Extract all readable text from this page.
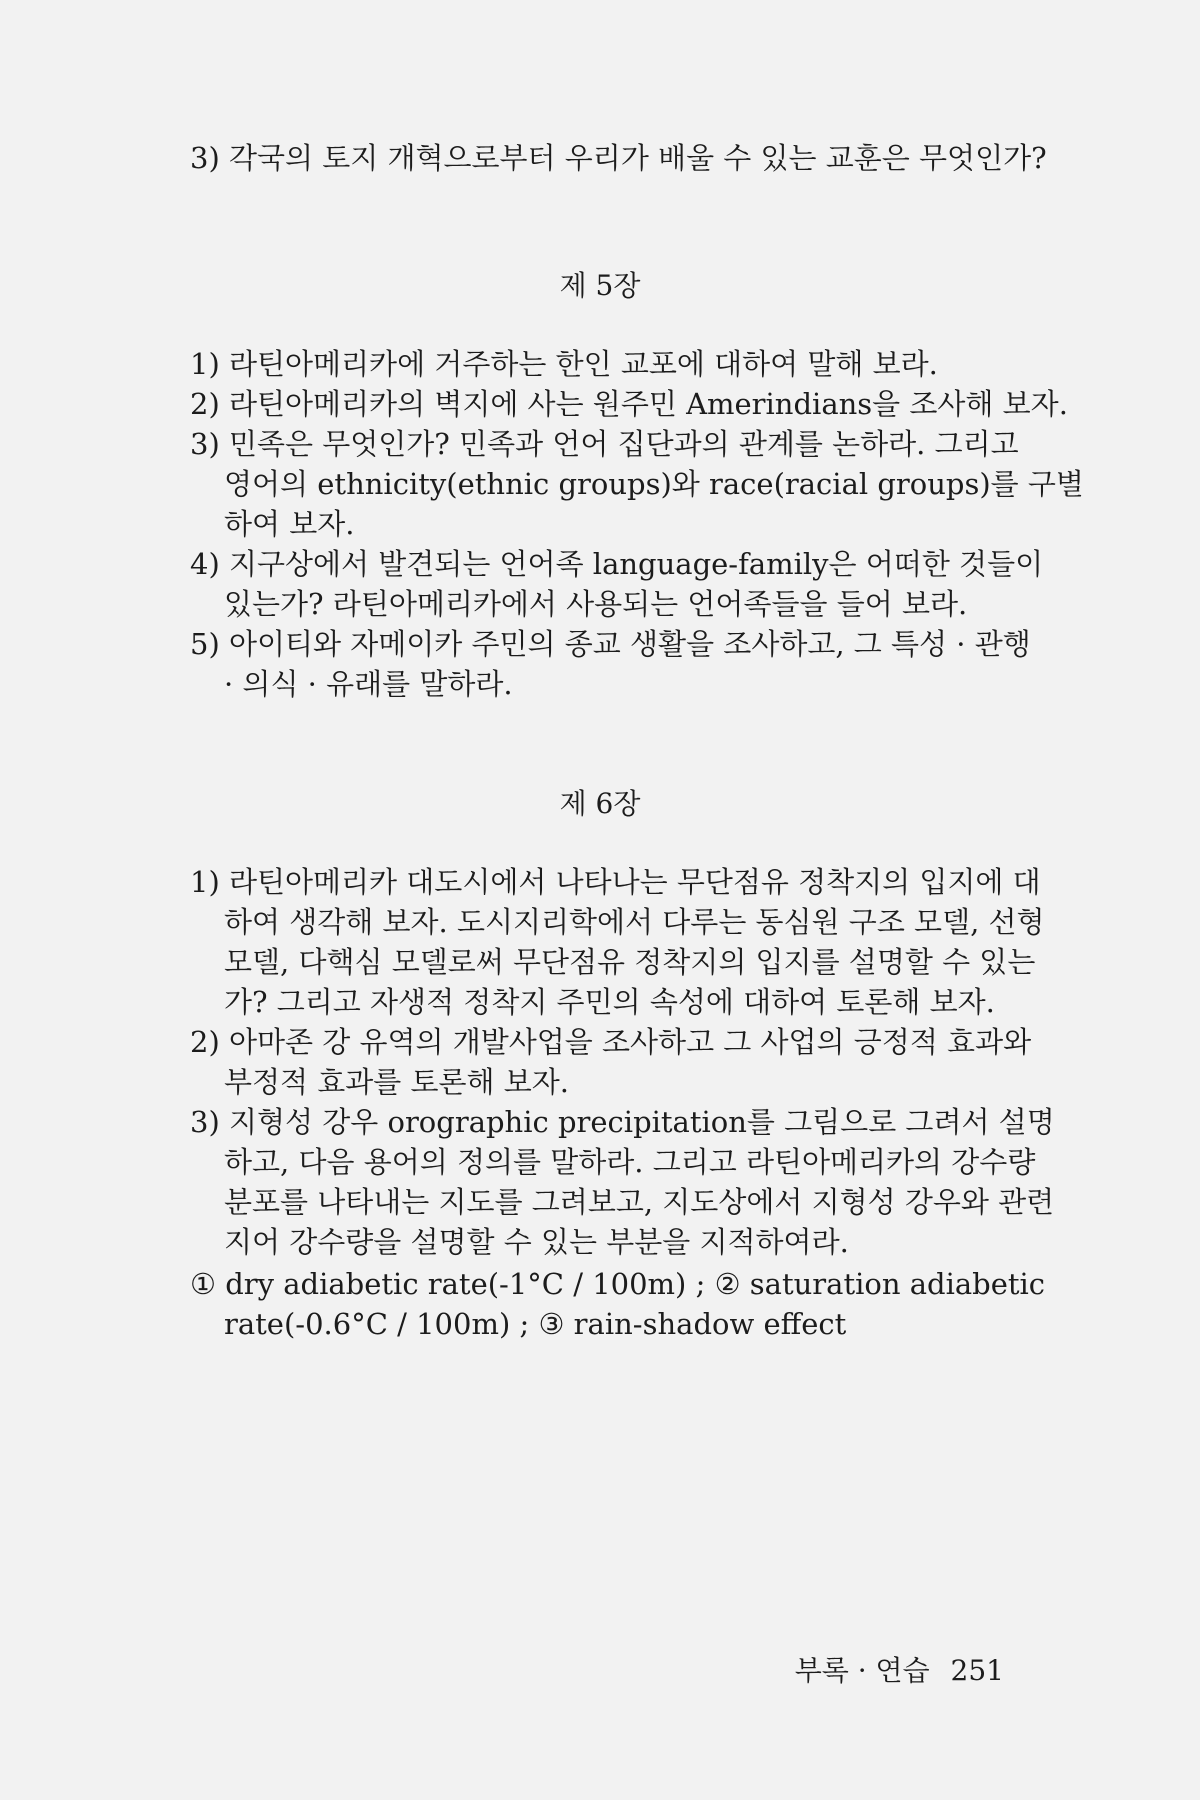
3) 각국의 토지 개혁으로부터 우리가 배울 수 있는 교훈은 무엇인가?
제 5장
1) 라틴아메리카에 거주하는 한인 교포에 대하여 말해 보라.
2) 라틴아메리카의 벽지에 사는 원주민 Amerindians을 조사해 보자.
3) 민족은 무엇인가? 민족과 언어 집단과의 관계를 논하라. 그리고
영어의 ethnicity(ethnic groups)와 race(racial groups)를 구별
하여 보자.
4) 지구상에서 발견되는 언어족 language-family은 어떠한 것들이
있는가? 라틴아메리카에서 사용되는 언어족들을 들어 보라.
5) 아이티와 자메이카 주민의 종교 생활을 조사하고, 그 특성 · 관행
· 의식 · 유래를 말하라.
제 6장
1) 라틴아메리카 대도시에서 나타나는 무단점유 정착지의 입지에 대
하여 생각해 보자. 도시지리학에서 다루는 동심원 구조 모델, 선형
모델, 다핵심 모델로써 무단점유 정착지의 입지를 설명할 수 있는
가? 그리고 자생적 정착지 주민의 속성에 대하여 토론해 보자.
2) 아마존 강 유역의 개발사업을 조사하고 그 사업의 긍정적 효과와
부정적 효과를 토론해 보자.
3) 지형성 강우 orographic precipitation를 그림으로 그려서 설명
하고, 다음 용어의 정의를 말하라. 그리고 라틴아메리카의 강수량
분포를 나타내는 지도를 그려보고, 지도상에서 지형성 강우와 관련
지어 강수량을 설명할 수 있는 부분을 지적하여라.
① dry adiabetic rate(-1°C / 100m) ; ② saturation adiabetic
rate(-0.6°C / 100m) ; ③ rain-shadow effect
부록 · 연습 251
